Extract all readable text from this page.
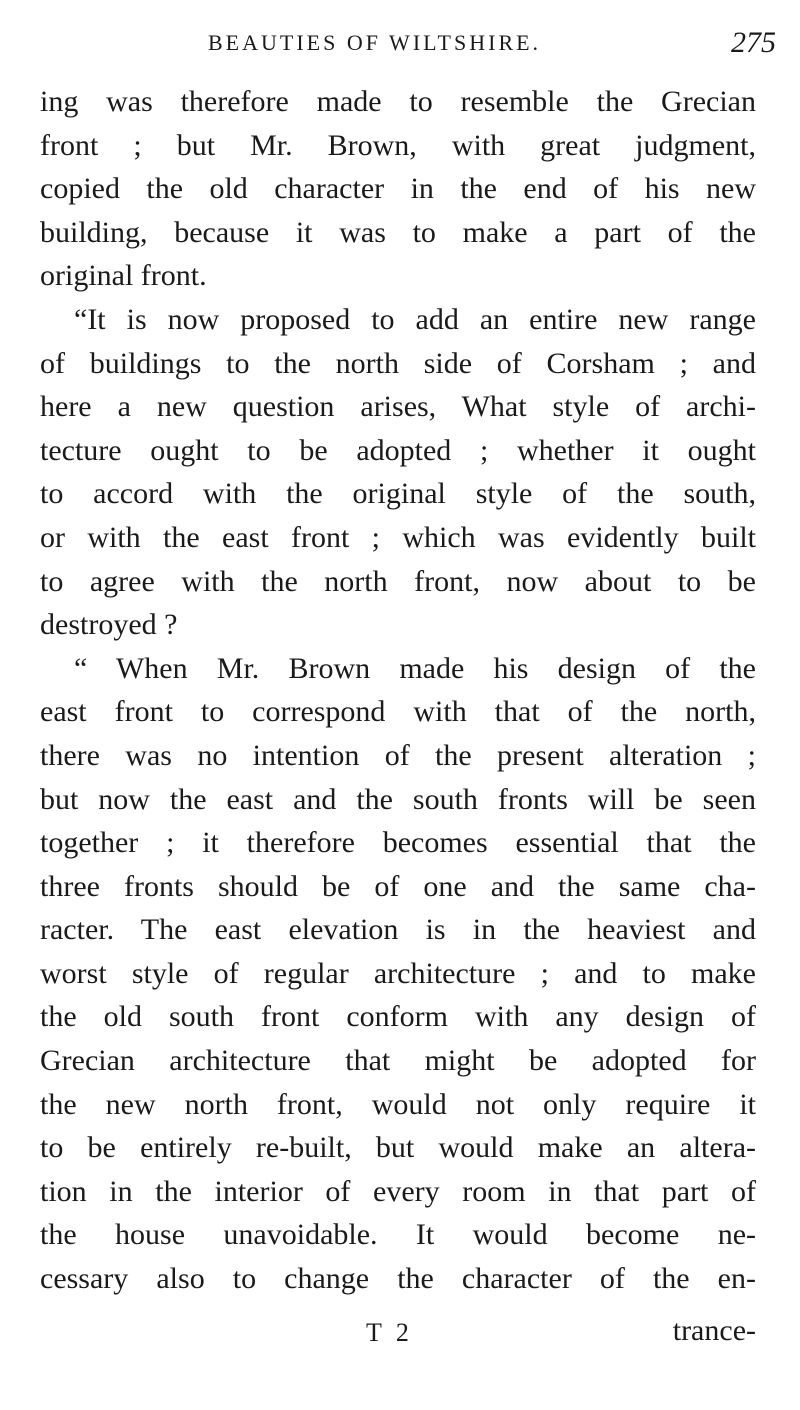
BEAUTIES OF WILTSHIRE.	275
ing was therefore made to resemble the Grecian
front ; but Mr. Brown, with great judgment,
copied the old character in the end of his new
building, because it was to make a part of the
original front.
“It is now proposed to add an entire new range
of buildings to the north side of Corsham ; and
here a new question arises, What style of archi-
tecture ought to be adopted ; whether it ought
to accord with the original style of the south,
or with the east front ; which was evidently built
to agree with the north front, now about to be
destroyed ?
“ When Mr. Brown made his design of the
east front to correspond with that of the north,
there was no intention of the present alteration ;
but now the east and the south fronts will be seen
together ; it therefore becomes essential that the
three fronts should be of one and the same cha-
racter. The east elevation is in the heaviest and
worst style of regular architecture ; and to make
the old south front conform with any design of
Grecian architecture that might be adopted for
the new north front, would not only require it
to be entirely re-built, but would make an altera-
tion in the interior of every room in that part of
the house unavoidable. It would become ne-
cessary also to change the character of the en-
T 2	trance-
